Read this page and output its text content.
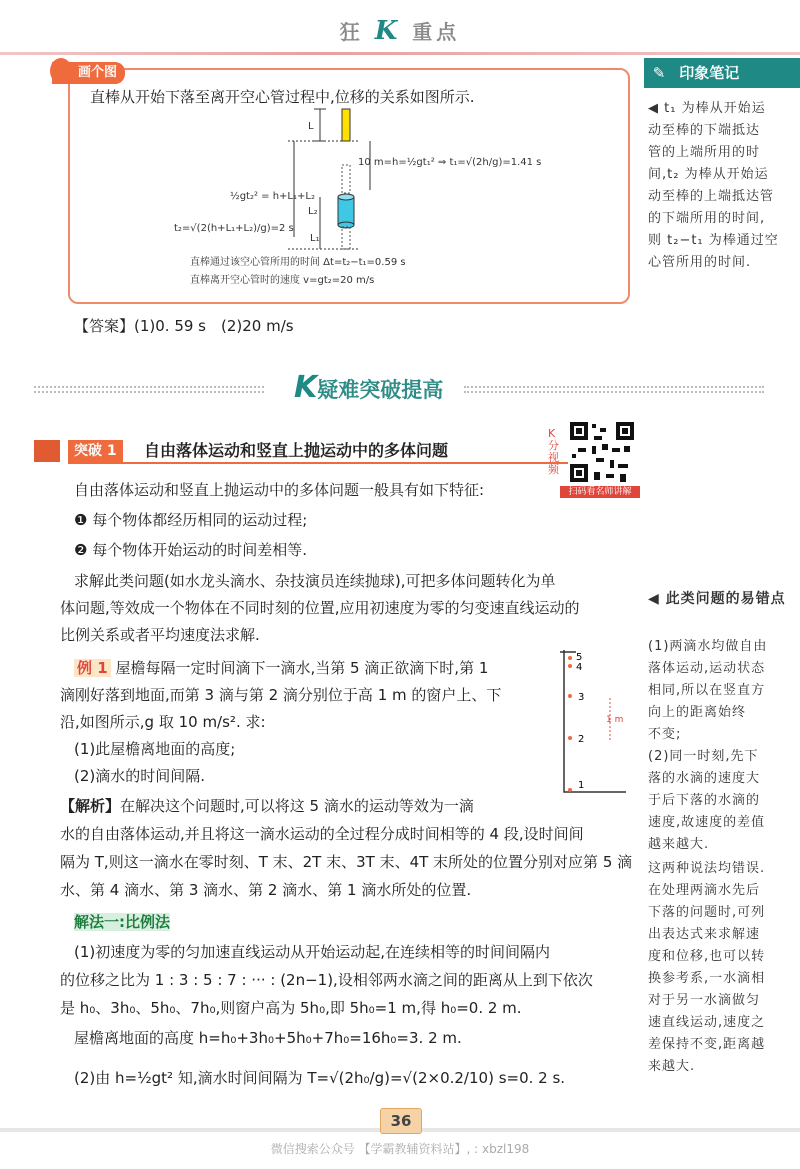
狂 K 重点
✎ 印象笔记
画个图
直棒从开始下落至离开空心管过程中,位移的关系如图所示.
L
10 m=h=½gt₁² ⇒ t₁=√(2h/g)=1.41 s
L₂
L₁
½gt₂² = h+L₁+L₂
t₂=√(2(h+L₁+L₂)/g)=2 s
直棒通过该空心管所用的时间 Δt=t₂−t₁=0.59 s
直棒离开空心管时的速度 v=gt₂=20 m/s
【答案】(1)0. 59 s　(2)20 m/s
K疑难突破提高
突破 1	自由落体运动和竖直上抛运动中的多体问题
K分视频
扫码看名师讲解
自由落体运动和竖直上抛运动中的多体问题一般具有如下特征:
❶ 每个物体都经历相同的运动过程;
❷ 每个物体开始运动的时间差相等.
求解此类问题(如水龙头滴水、杂技演员连续抛球),可把多体问题转化为单
体问题,等效成一个物体在不同时刻的位置,应用初速度为零的匀变速直线运动的
比例关系或者平均速度法求解.
例 1 屋檐每隔一定时间滴下一滴水,当第 5 滴正欲滴下时,第 1
滴刚好落到地面,而第 3 滴与第 2 滴分别位于高 1 m 的窗户上、下
沿,如图所示,g 取 10 m/s². 求:
(1)此屋檐离地面的高度;
(2)滴水的时间间隔.
5
4
3
2
1
1 m
【解析】在解决这个问题时,可以将这 5 滴水的运动等效为一滴
水的自由落体运动,并且将这一滴水运动的全过程分成时间相等的 4 段,设时间间
隔为 T,则这一滴水在零时刻、T 末、2T 末、3T 末、4T 末所处的位置分别对应第 5 滴
水、第 4 滴水、第 3 滴水、第 2 滴水、第 1 滴水所处的位置.
解法一:比例法
(1)初速度为零的匀加速直线运动从开始运动起,在连续相等的时间间隔内
的位移之比为 1 : 3 : 5 : 7 : ··· : (2n−1),设相邻两水滴之间的距离从上到下依次
是 h₀、3h₀、5h₀、7h₀,则窗户高为 5h₀,即 5h₀=1 m,得 h₀=0. 2 m.
屋檐离地面的高度 h=h₀+3h₀+5h₀+7h₀=16h₀=3. 2 m.
(2)由 h=½gt² 知,滴水时间间隔为 T=√(2h₀/g)=√(2×0.2/10) s=0. 2 s.
◀ t₁ 为棒从开始运
动至棒的下端抵达
管的上端所用的时
间,t₂ 为棒从开始运
动至棒的上端抵达管
的下端所用的时间,
则 t₂−t₁ 为棒通过空
心管所用的时间.
◀ 此类问题的易错点
(1)两滴水均做自由
落体运动,运动状态
相同,所以在竖直方
向上的距离始终
不变;
(2)同一时刻,先下
落的水滴的速度大
于后下落的水滴的
速度,故速度的差值
越来越大.
这两种说法均错误.
在处理两滴水先后
下落的问题时,可列
出表达式来求解速
度和位移,也可以转
换参考系,一水滴相
对于另一水滴做匀
速直线运动,速度之
差保持不变,距离越
来越大.
36
微信搜索公众号 【学霸教辅资料站】, : xbzl198
